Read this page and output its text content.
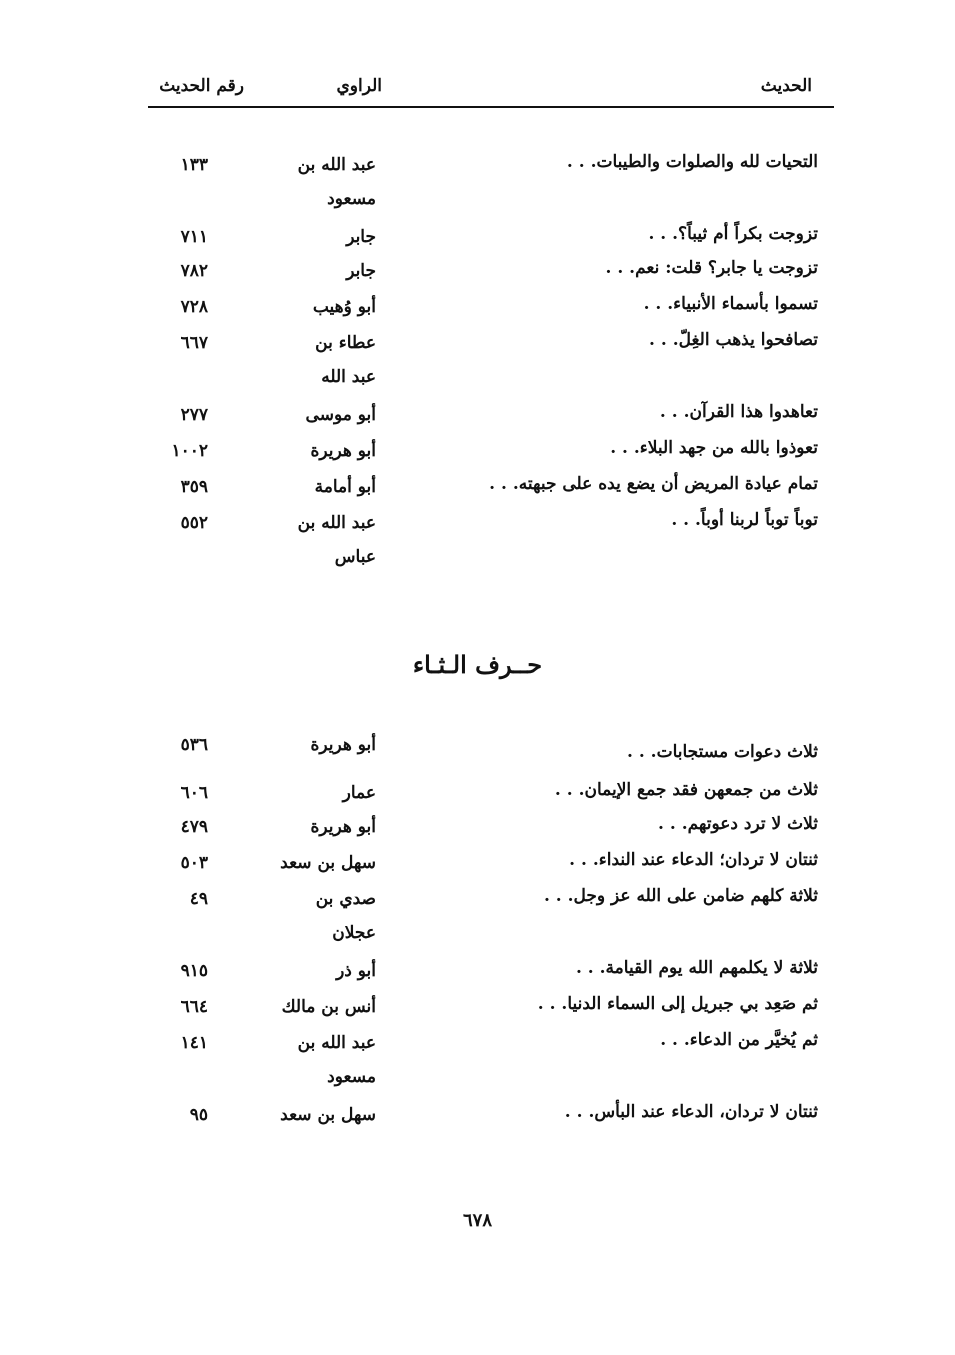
الحديث
الراوي
رقم الحديث
التحيات لله والصلوات والطيبات. . .
عبد الله بن
مسعود
١٣٣
تزوجت بكراً أم ثيباً؟. . .
جابر
٧١١
تزوجت يا جابر؟ قلت: نعم. . .
جابر
٧٨٢
تسموا بأسماء الأنبياء. . .
أبو وُهيب
٧٢٨
تصافحوا يذهب الغِلّ. . .
عطاء بن
عبد الله
٦٦٧
تعاهدوا هذا القرآن. . .
أبو موسى
٢٧٧
تعوذوا بالله من جهد البلاء. . .
أبو هريرة
١٠٠٢
تمام عيادة المريض أن يضع يده على جبهته. . .
أبو أمامة
٣٥٩
توباً توباً لربنا أوباً. . .
عبد الله بن
عباس
٥٥٢
حــرف الـثـاء
ثلاث دعوات مستجابات. . .
أبو هريرة
٥٣٦
ثلاث من جمعهن فقد جمع الإيمان. . .
عمار
٦٠٦
ثلاث لا ترد دعوتهم. . .
أبو هريرة
٤٧٩
ثنتان لا تردان؛ الدعاء عند النداء. . .
سهل بن سعد
٥٠٣
ثلاثة كلهم ضامن على الله عز وجل. . .
صدي بن
عجلان
٤٩
ثلاثة لا يكلمهم الله يوم القيامة. . .
أبو ذر
٩١٥
ثم صَعِد بي جبريل إلى السماء الدنيا. . .
أنس بن مالك
٦٦٤
ثم يُخيَّر من الدعاء. . .
عبد الله بن
مسعود
١٤١
ثنتان لا تردان، الدعاء عند البأس. . .
سهل بن سعد
٩٥
٦٧٨
